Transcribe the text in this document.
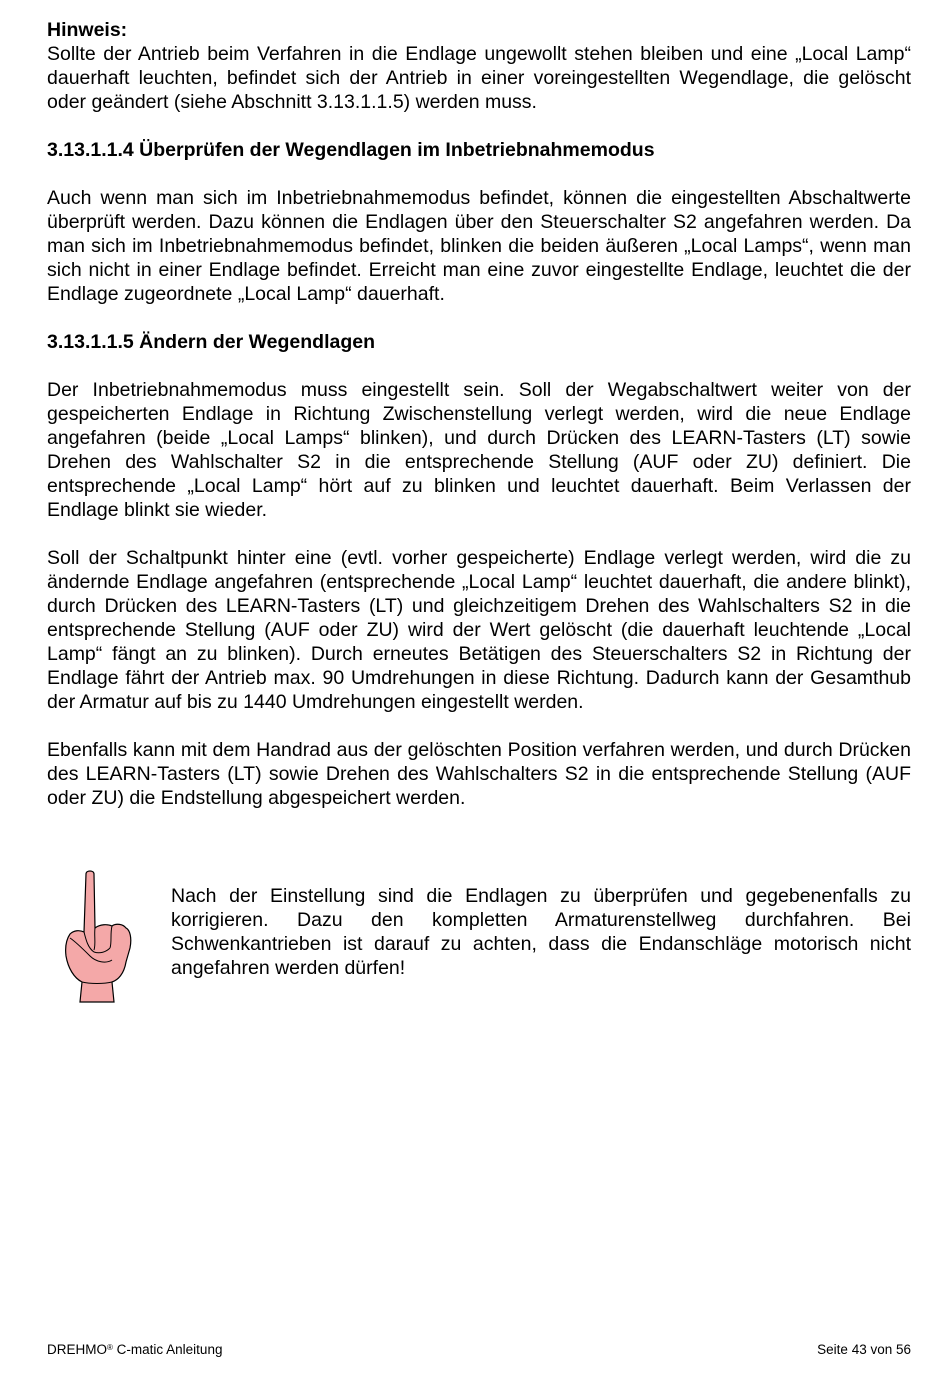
Hinweis:

Sollte der Antrieb beim Verfahren in die Endlage ungewollt stehen bleiben und eine „Local Lamp“ dauerhaft leuchten, befindet sich der Antrieb in einer voreingestellten Wegendlage, die gelöscht oder geändert (siehe Abschnitt 3.13.1.1.5) werden muss.

3.13.1.1.4 Überprüfen der Wegendlagen im Inbetriebnahmemodus

Auch wenn man sich im Inbetriebnahmemodus befindet, können die eingestellten Abschaltwerte überprüft werden. Dazu können die Endlagen über den Steuerschalter S2 angefahren werden. Da man sich im Inbetriebnahmemodus befindet, blinken die beiden äußeren „Local Lamps“, wenn man sich nicht in einer Endlage befindet. Erreicht man eine zuvor eingestellte Endlage, leuchtet die der Endlage zugeordnete „Local Lamp“ dauerhaft.

3.13.1.1.5 Ändern der Wegendlagen

Der Inbetriebnahmemodus muss eingestellt sein. Soll der Wegabschaltwert weiter von der gespeicherten Endlage in Richtung Zwischenstellung verlegt werden, wird die neue Endlage angefahren (beide „Local Lamps“ blinken), und durch Drücken des LEARN-Tasters (LT) sowie Drehen des Wahlschalter S2 in die entsprechende Stellung (AUF oder ZU) definiert. Die entsprechende „Local Lamp“ hört auf zu blinken und leuchtet dauerhaft. Beim Verlassen der Endlage blinkt sie wieder.

Soll der Schaltpunkt hinter eine (evtl. vorher gespeicherte) Endlage verlegt werden, wird die zu ändernde Endlage angefahren (entsprechende „Local Lamp“ leuchtet dauerhaft, die andere blinkt), durch Drücken des LEARN-Tasters (LT) und gleichzeitigem Drehen des Wahlschalters S2 in die entsprechende Stellung (AUF oder ZU) wird der Wert gelöscht (die dauerhaft leuchtende „Local Lamp“ fängt an zu blinken). Durch erneutes Betätigen des Steuerschalters S2 in Richtung der Endlage fährt der Antrieb max. 90 Umdrehungen in diese Richtung. Dadurch kann der Gesamthub der Armatur auf bis zu 1440 Umdrehungen eingestellt werden.

Ebenfalls kann mit dem Handrad aus der gelöschten Position verfahren werden, und durch Drücken des LEARN-Tasters (LT) sowie Drehen des Wahlschalters S2 in die entsprechende Stellung (AUF oder ZU) die Endstellung abgespeichert werden.

Nach der Einstellung sind die Endlagen zu überprüfen und gegebenenfalls zu korrigieren. Dazu den kompletten Armaturenstellweg durchfahren. Bei Schwenkantrieben ist darauf zu achten, dass die Endanschläge motorisch nicht angefahren werden dürfen!

DREHMO® C-matic Anleitung	Seite 43 von 56
